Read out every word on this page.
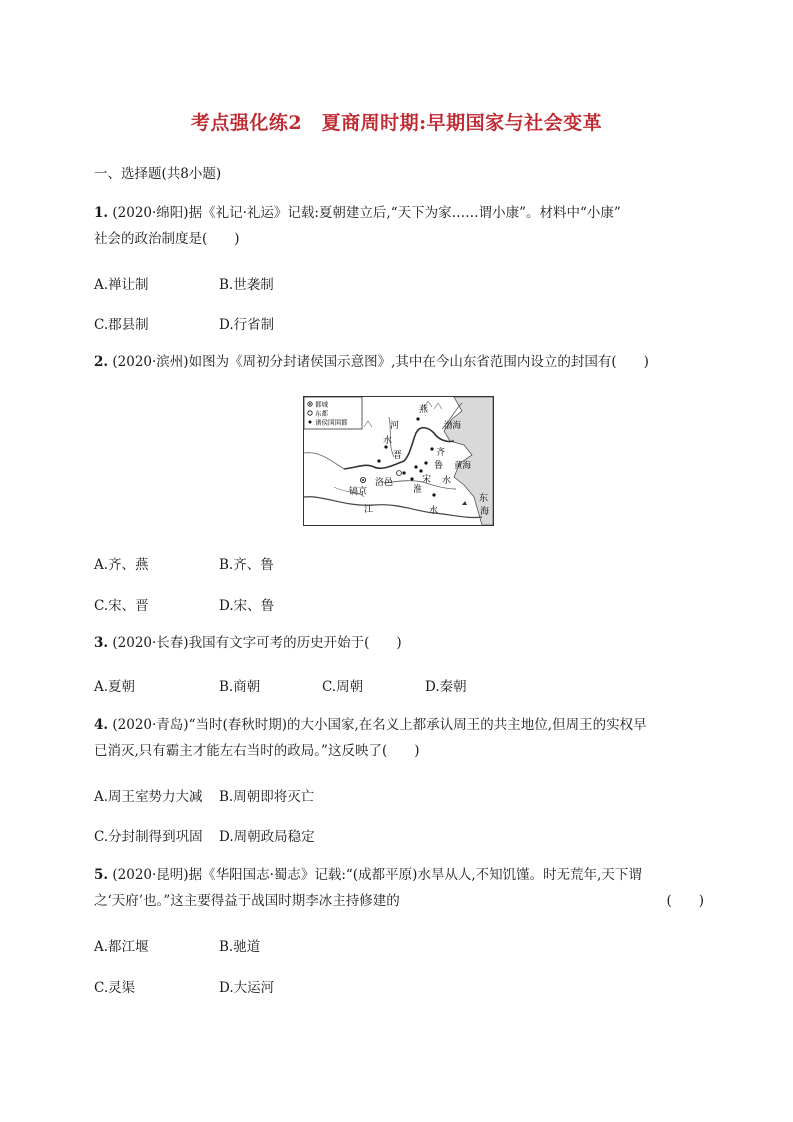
考点强化练2　夏商周时期:早期国家与社会变革
一、选择题(共8小题)
1. (2020·绵阳)据《礼记·礼运》记载:夏朝建立后,“天下为家……谓小康”。材料中“小康”
社会的政治制度是(　　)
A.禅让制	B.世袭制
C.郡县制	D.行省制
2. (2020·滨州)如图为《周初分封诸侯国示意图》,其中在今山东省范围内设立的封国有(　　)
都城
东都
诸侯国国都
燕
渤海
河
水
晋	齐
鲁 黄海
宋 水
洛邑
镐京	淮
江	水
东
海
A.齐、燕	B.齐、鲁
C.宋、晋	D.宋、鲁
3. (2020·长春)我国有文字可考的历史开始于(　　)
A.夏朝	B.商朝	C.周朝	D.秦朝
4. (2020·青岛)“当时(春秋时期)的大小国家,在名义上都承认周王的共主地位,但周王的实权早
已消灭,只有霸主才能左右当时的政局。”这反映了(　　)
A.周王室势力大减 B.周朝即将灭亡
C.分封制得到巩固 D.周朝政局稳定
5. (2020·昆明)据《华阳国志·蜀志》记载:“(成都平原)水旱从人,不知饥馑。时无荒年,天下谓
之‘天府’也。”这主要得益于战国时期李冰主持修建的	(　　)
A.都江堰	B.驰道
C.灵渠	D.大运河
